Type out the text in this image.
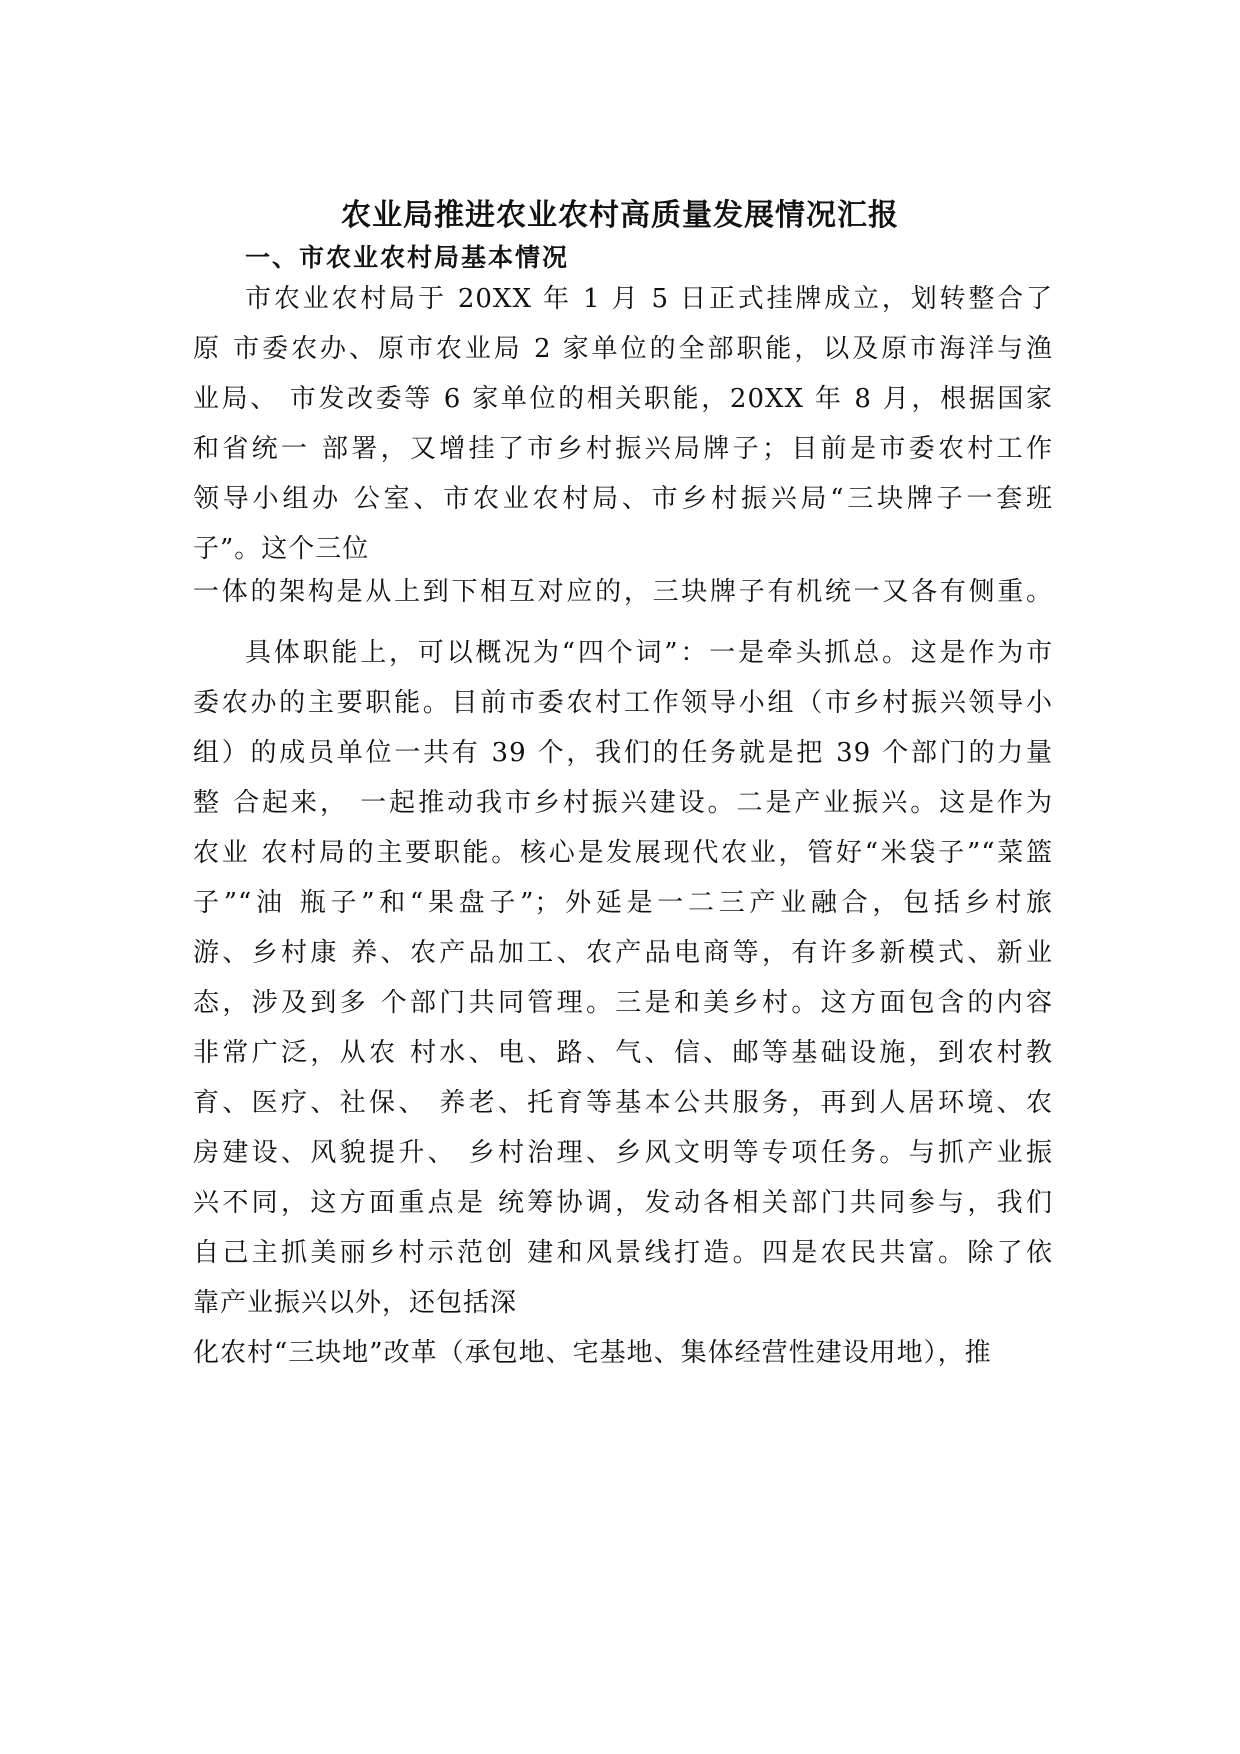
农业局推进农业农村高质量发展情况汇报
一、市农业农村局基本情况
市农业农村局于 20XX 年 1 月 5 日正式挂牌成立，划转整合了
原 市委农办、原市农业局 2 家单位的全部职能，以及原市海洋与渔
业局、 市发改委等 6 家单位的相关职能，20XX 年 8 月，根据国家
和省统一 部署，又增挂了市乡村振兴局牌子；目前是市委农村工作
领导小组办 公室、市农业农村局、市乡村振兴局“三块牌子一套班
子”。这个三位
一体的架构是从上到下相互对应的，三块牌子有机统一又各有侧重。
具体职能上，可以概况为“四个词”：一是牵头抓总。这是作为市
委农办的主要职能。目前市委农村工作领导小组（市乡村振兴领导小
组）的成员单位一共有 39 个，我们的任务就是把 39 个部门的力量
整 合起来， 一起推动我市乡村振兴建设。二是产业振兴。这是作为
农业 农村局的主要职能。核心是发展现代农业，管好“米袋子”“菜篮
子”“油 瓶子”和“果盘子”；外延是一二三产业融合，包括乡村旅
游、乡村康 养、农产品加工、农产品电商等，有许多新模式、新业
态，涉及到多 个部门共同管理。三是和美乡村。这方面包含的内容
非常广泛，从农 村水、电、路、气、信、邮等基础设施，到农村教
育、医疗、社保、 养老、托育等基本公共服务，再到人居环境、农
房建设、风貌提升、 乡村治理、乡风文明等专项任务。与抓产业振
兴不同，这方面重点是 统筹协调，发动各相关部门共同参与，我们
自己主抓美丽乡村示范创 建和风景线打造。四是农民共富。除了依
靠产业振兴以外，还包括深
化农村“三块地”改革（承包地、宅基地、集体经营性建设用地），推
